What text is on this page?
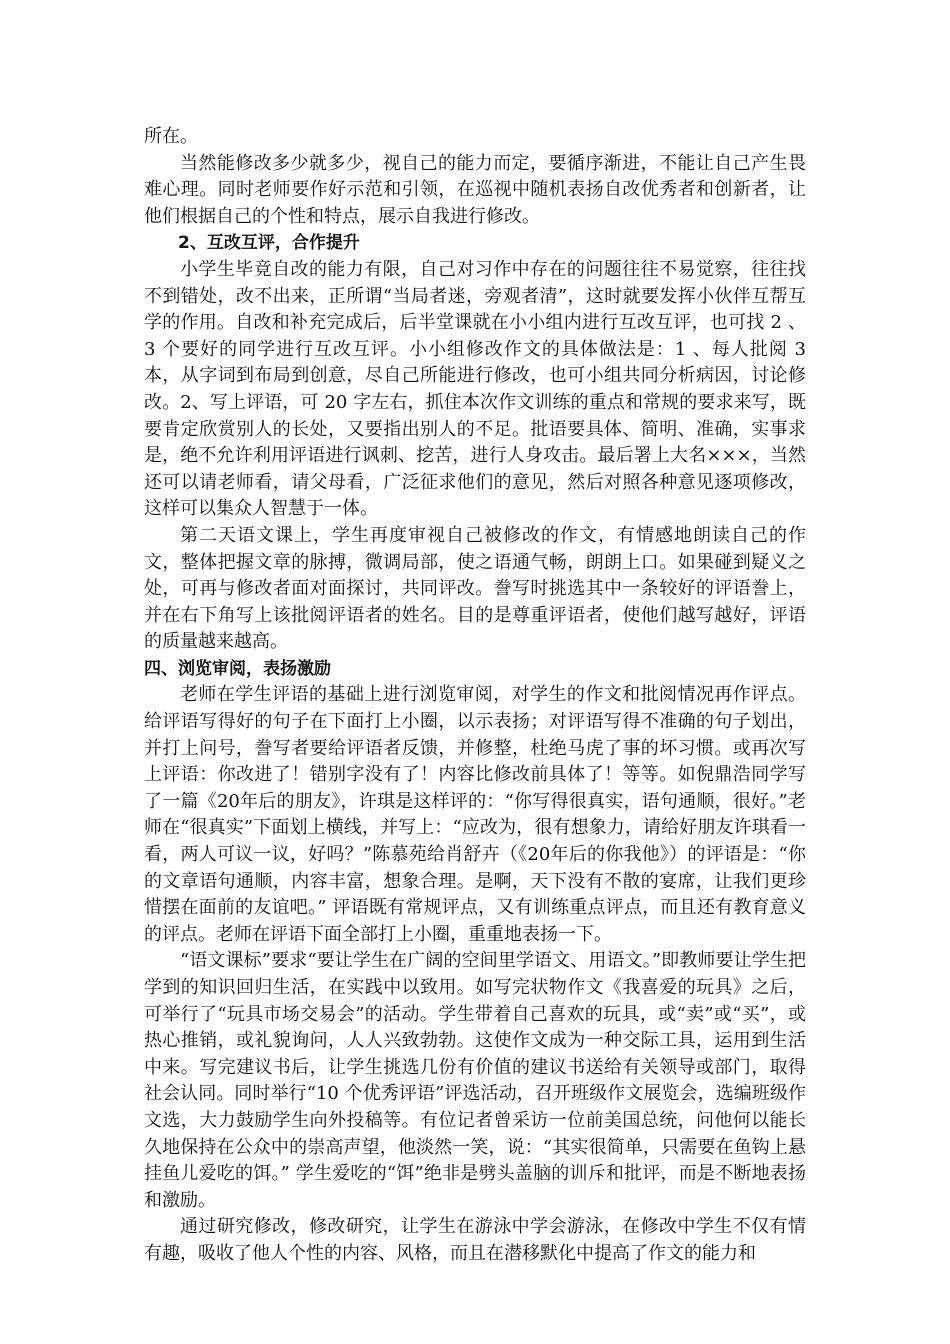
所在。

当然能修改多少就多少，视自己的能力而定，要循序渐进，不能让自己产生畏难心理。同时老师要作好示范和引领，在巡视中随机表扬自改优秀者和创新者，让他们根据自己的个性和特点，展示自我进行修改。

2、互改互评，合作提升

小学生毕竟自改的能力有限，自己对习作中存在的问题往往不易觉察，往往找不到错处，改不出来，正所谓“当局者迷，旁观者清”，这时就要发挥小伙伴互帮互学的作用。自改和补充完成后，后半堂课就在小小组内进行互改互评，也可找 2 、3 个要好的同学进行互改互评。小小组修改作文的具体做法是：1 、每人批阅 3 本，从字词到布局到创意，尽自己所能进行修改，也可小组共同分析病因，讨论修改。2、写上评语，可 20 字左右，抓住本次作文训练的重点和常规的要求来写，既要肯定欣赏别人的长处，又要指出别人的不足。批语要具体、简明、准确，实事求是，绝不允许利用评语进行讽刺、挖苦，进行人身攻击。最后署上大名×××，当然还可以请老师看，请父母看，广泛征求他们的意见，然后对照各种意见逐项修改，这样可以集众人智慧于一体。

第二天语文课上，学生再度审视自己被修改的作文，有情感地朗读自己的作文，整体把握文章的脉搏，微调局部，使之语通气畅，朗朗上口。如果碰到疑义之处，可再与修改者面对面探讨，共同评改。誊写时挑选其中一条较好的评语誊上，并在右下角写上该批阅评语者的姓名。目的是尊重评语者，使他们越写越好，评语的质量越来越高。

四、浏览审阅，表扬激励

老师在学生评语的基础上进行浏览审阅，对学生的作文和批阅情况再作评点。给评语写得好的句子在下面打上小圈，以示表扬；对评语写得不准确的句子划出，并打上问号，誊写者要给评语者反馈，并修整，杜绝马虎了事的坏习惯。或再次写上评语：你改进了！错别字没有了！内容比修改前具体了！等等。如倪鼎浩同学写了一篇《20年后的朋友》，许琪是这样评的：“你写得很真实，语句通顺，很好。”老师在“很真实”下面划上横线，并写上：“应改为，很有想象力，请给好朋友许琪看一看，两人可议一议，好吗？”陈慕苑给肖舒卉（《20年后的你我他》）的评语是：“你的文章语句通顺，内容丰富，想象合理。是啊，天下没有不散的宴席，让我们更珍惜摆在面前的友谊吧。” 评语既有常规评点，又有训练重点评点，而且还有教育意义的评点。老师在评语下面全部打上小圈，重重地表扬一下。

“语文课标”要求“要让学生在广阔的空间里学语文、用语文。”即教师要让学生把学到的知识回归生活，在实践中以致用。如写完状物作文《我喜爱的玩具》之后，可举行了“玩具市场交易会”的活动。学生带着自己喜欢的玩具，或“卖”或“买”，或热心推销，或礼貌询问，人人兴致勃勃。这使作文成为一种交际工具，运用到生活中来。写完建议书后，让学生挑选几份有价值的建议书送给有关领导或部门，取得社会认同。同时举行“10 个优秀评语”评选活动，召开班级作文展览会，选编班级作文选，大力鼓励学生向外投稿等。有位记者曾采访一位前美国总统，问他何以能长久地保持在公众中的崇高声望，他淡然一笑，说：“其实很简单，只需要在鱼钩上悬挂鱼儿爱吃的饵。” 学生爱吃的“饵”绝非是劈头盖脑的训斥和批评，而是不断地表扬和激励。

通过研究修改，修改研究，让学生在游泳中学会游泳，在修改中学生不仅有情有趣，吸收了他人个性的内容、风格，而且在潜移默化中提高了作文的能力和
